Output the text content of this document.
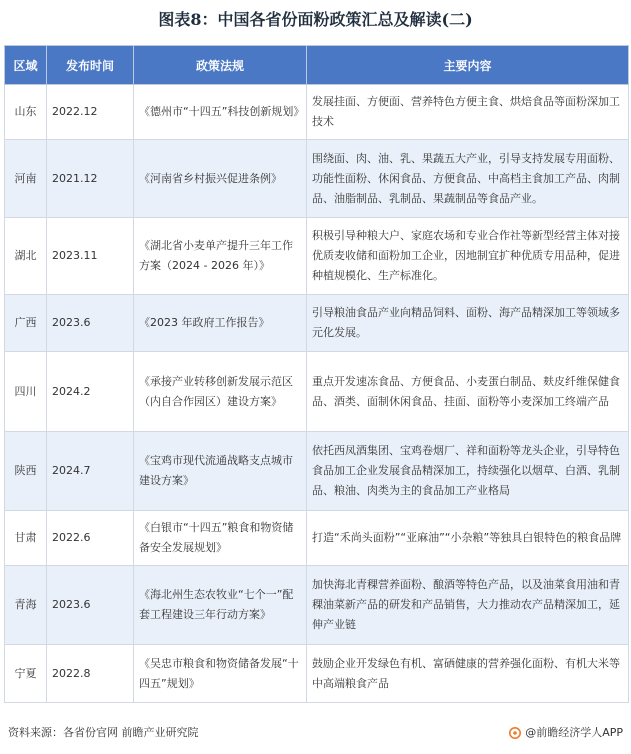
图表8：中国各省份面粉政策汇总及解读(二)
区域	发布时间	政策法规	主要内容
山东	2022.12	《德州市“十四五”科技创新规划》	发展挂面、方便面、营养特色方便主食、烘焙食品等面粉深加工技术
河南	2021.12	《河南省乡村振兴促进条例》	围绕面、肉、油、乳、果蔬五大产业，引导支持发展专用面粉、功能性面粉、休闲食品、方便食品、中高档主食加工产品、肉制品、油脂制品、乳制品、果蔬制品等食品产业。
湖北	2023.11	《湖北省小麦单产提升三年工作方案（2024 - 2026 年）》	积极引导种粮大户、家庭农场和专业合作社等新型经营主体对接优质麦收储和面粉加工企业，因地制宜扩种优质专用品种，促进种植规模化、生产标准化。
广西	2023.6	《2023 年政府工作报告》	引导粮油食品产业向精品饲料、面粉、海产品精深加工等领域多元化发展。
四川	2024.2	《承接产业转移创新发展示范区（内自合作园区）建设方案》	重点开发速冻食品、方便食品、小麦蛋白制品、麸皮纤维保健食品、酒类、面制休闲食品、挂面、面粉等小麦深加工终端产品
陕西	2024.7	《宝鸡市现代流通战略支点城市建设方案》	依托西凤酒集团、宝鸡卷烟厂、祥和面粉等龙头企业，引导特色食品加工企业发展食品精深加工，持续强化以烟草、白酒、乳制品、粮油、肉类为主的食品加工产业格局
甘肃	2022.6	《白银市“十四五”粮食和物资储备安全发展规划》	打造“禾尚头面粉”“亚麻油”“小杂粮”等独具白银特色的粮食品牌
青海	2023.6	《海北州生态农牧业“七个一”配套工程建设三年行动方案》	加快海北青稞营养面粉、酿酒等特色产品，以及油菜食用油和青稞油菜新产品的研发和产品销售，大力推动农产品精深加工，延伸产业链
宁夏	2022.8	《吴忠市粮食和物资储备发展“十四五”规划》	鼓励企业开发绿色有机、富硒健康的营养强化面粉、有机大米等中高端粮食产品
资料来源：各省份官网 前瞻产业研究院	@前瞻经济学人APP
